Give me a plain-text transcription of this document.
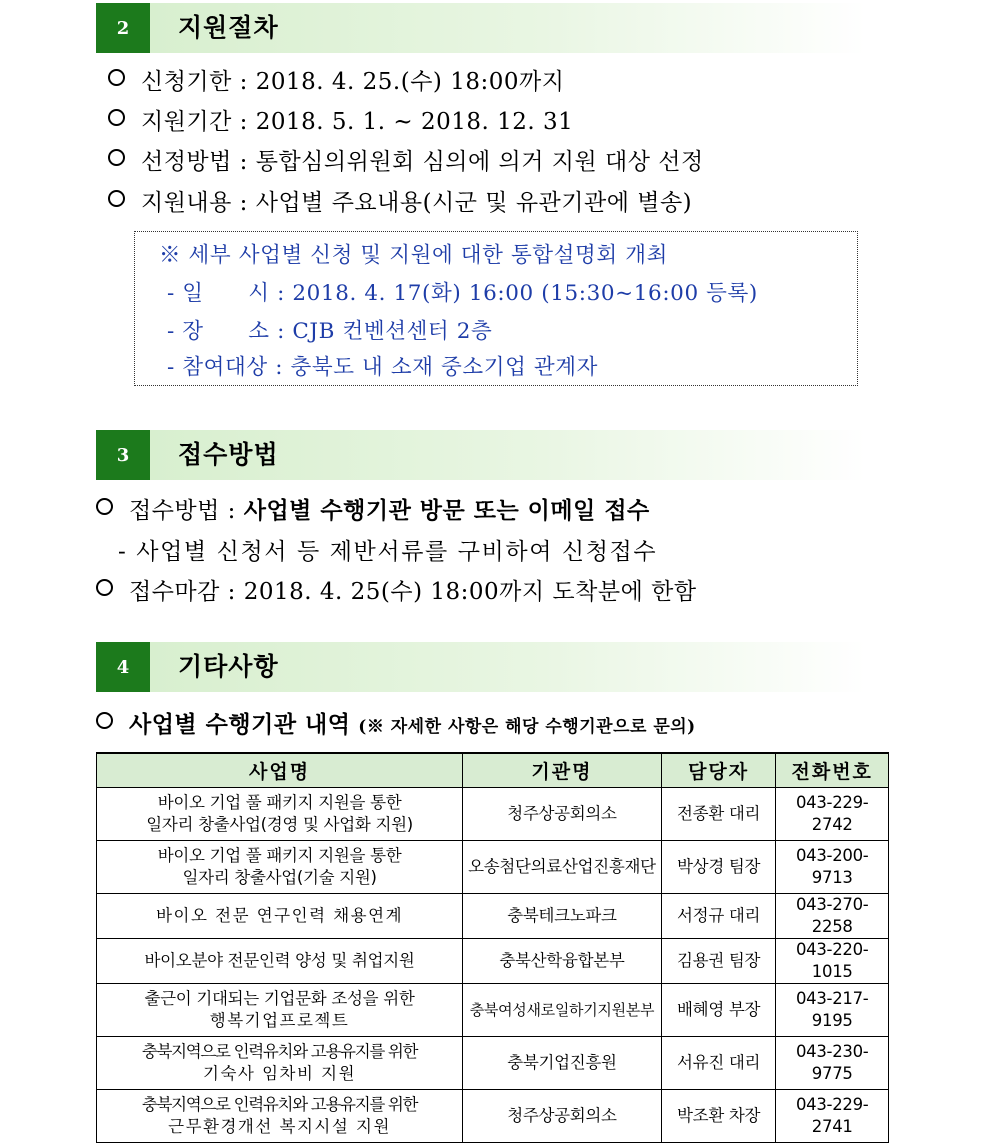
2	지원절차
신청기한 : 2018. 4. 25.(수) 18:00까지
지원기간 : 2018. 5. 1. ~ 2018. 12. 31
선정방법 : 통합심의위원회 심의에 의거 지원 대상 선정
지원내용 : 사업별 주요내용(시군 및 유관기관에 별송)
※ 세부 사업별 신청 및 지원에 대한 통합설명회 개최
- 일      시 : 2018. 4. 17(화) 16:00 (15:30~16:00 등록)
- 장      소 : CJB 컨벤션센터 2층
- 참여대상 : 충북도 내 소재 중소기업 관계자
3	접수방법
접수방법 : 사업별 수행기관 방문 또는 이메일 접수
- 사업별 신청서 등 제반서류를 구비하여 신청접수
접수마감 : 2018. 4. 25(수) 18:00까지 도착분에 한함
4	기타사항
사업별 수행기관 내역 (※ 자세한 사항은 해당 수행기관으로 문의)
사업명	기관명	담당자	전화번호

바이오 기업 풀 패키지 지원을 통한
일자리 창출사업(경영 및 사업화 지원)	청주상공회의소	전종환 대리	043-229-2742

바이오 기업 풀 패키지 지원을 통한
일자리 창출사업(기술 지원)	오송첨단의료산업진흥재단	박상경 팀장	043-200-9713
바이오 전문 연구인력 채용연계	충북테크노파크	서정규 대리	043-270-2258
바이오분야 전문인력 양성 및 취업지원	충북산학융합본부	김용권 팀장	043-220-1015

출근이 기대되는 기업문화 조성을 위한
행복기업프로젝트	충북여성새로일하기지원본부	배혜영 부장	043-217-9195

충북지역으로 인력유치와 고용유지를 위한
기숙사 임차비 지원	충북기업진흥원	서유진 대리	043-230-9775

충북지역으로 인력유치와 고용유지를 위한
근무환경개선 복지시설 지원	청주상공회의소	박조환 차장	043-229-2741
